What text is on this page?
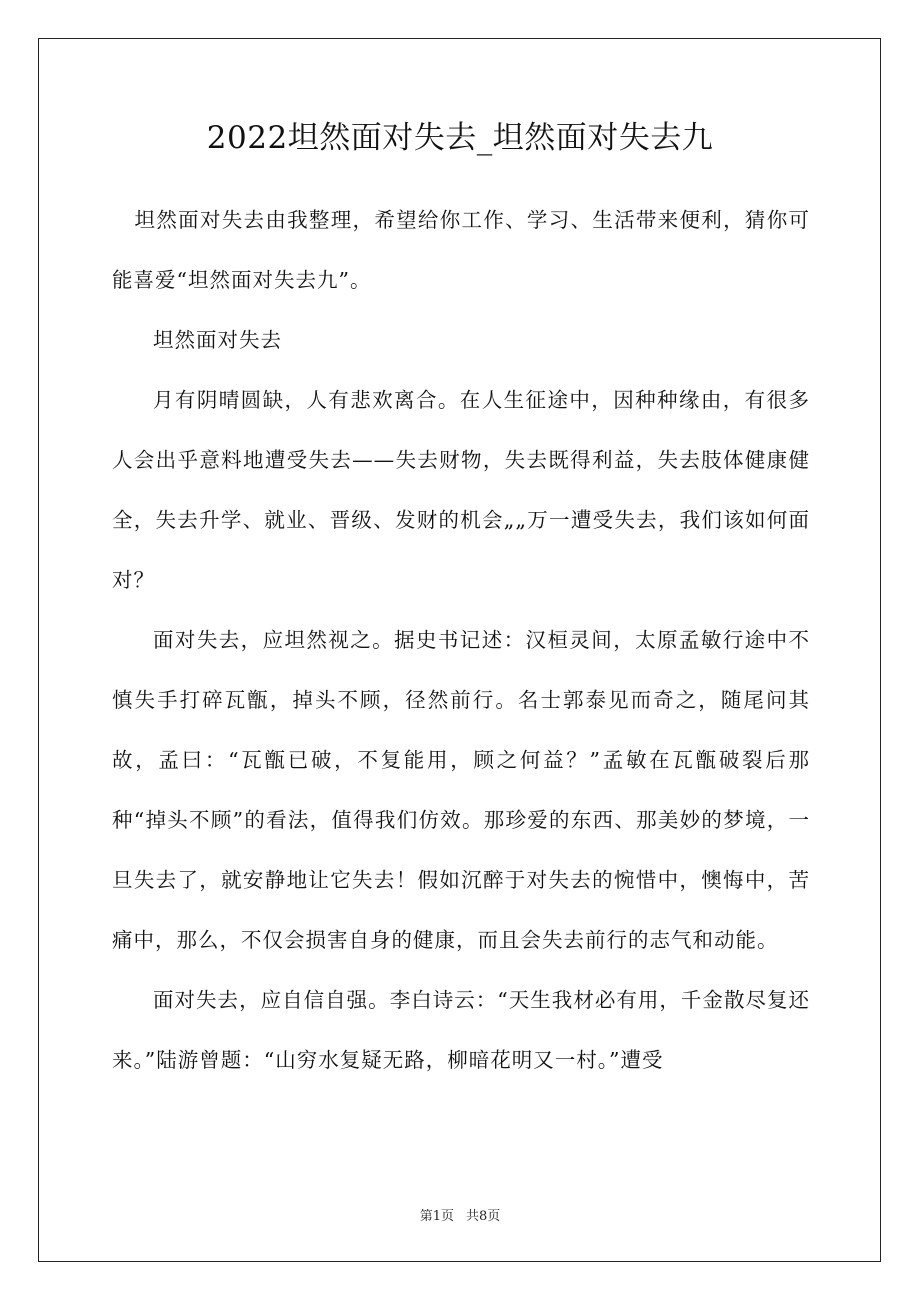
2022坦然面对失去_坦然面对失去九

坦然面对失去由我整理，希望给你工作、学习、生活带来便利，猜你可能喜爱“坦然面对失去九”。

坦然面对失去

月有阴晴圆缺，人有悲欢离合。在人生征途中，因种种缘由，有很多人会出乎意料地遭受失去——失去财物，失去既得利益，失去肢体健康健全，失去升学、就业、晋级、发财的机会„„万一遭受失去，我们该如何面对？

面对失去，应坦然视之。据史书记述：汉桓灵间，太原孟敏行途中不慎失手打碎瓦甑，掉头不顾，径然前行。名士郭泰见而奇之，随尾问其故，孟曰：“瓦甑已破，不复能用，顾之何益？”孟敏在瓦甑破裂后那种“掉头不顾”的看法，值得我们仿效。那珍爱的东西、那美妙的梦境，一旦失去了，就安静地让它失去！假如沉醉于对失去的惋惜中，懊悔中，苦痛中，那么，不仅会损害自身的健康，而且会失去前行的志气和动能。

面对失去，应自信自强。李白诗云：“天生我材必有用，千金散尽复还来。”陆游曾题：“山穷水复疑无路，柳暗花明又一村。”遭受

第1页 共8页
